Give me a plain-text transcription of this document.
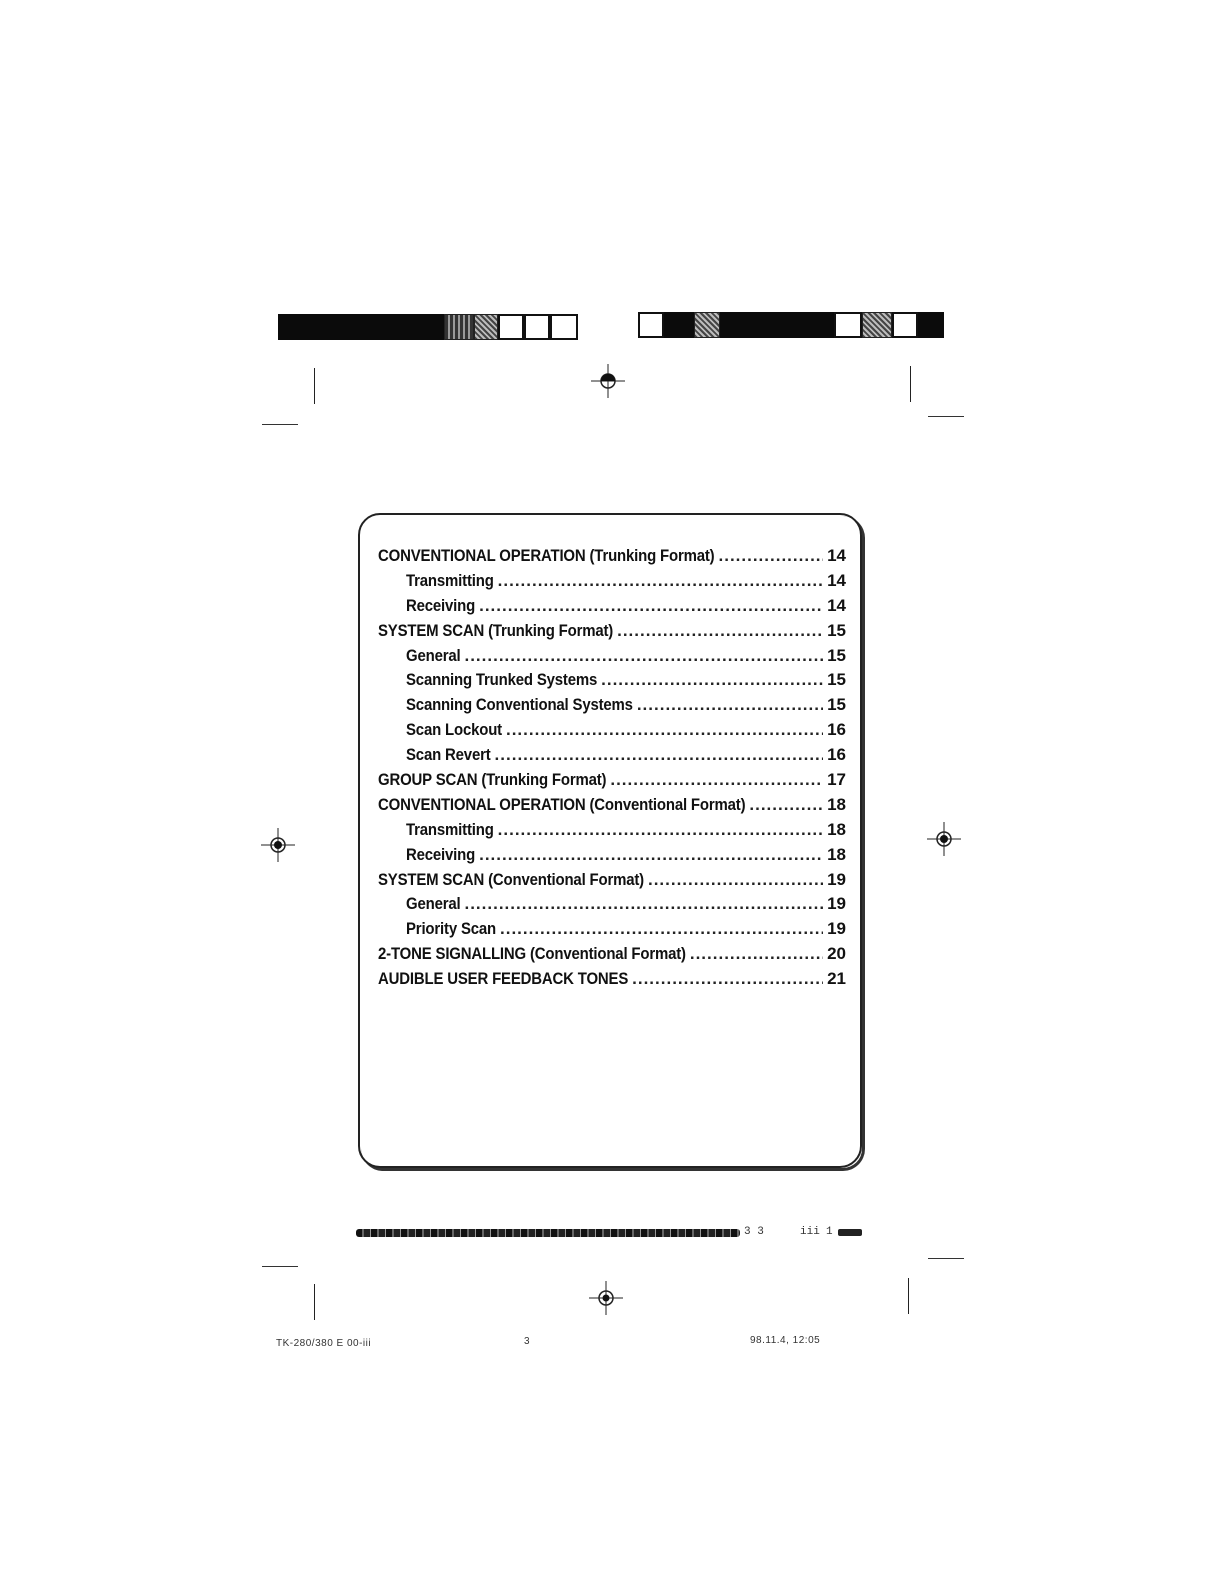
CONVENTIONAL OPERATION (Trunking Format) .....	14
Transmitting .....	14
Receiving .....	14
SYSTEM SCAN (Trunking Format) .....	15
General .....	15
Scanning Trunked Systems .....	15
Scanning Conventional Systems .....	15
Scan Lockout .....	16
Scan Revert .....	16
GROUP SCAN (Trunking Format) .....	17
CONVENTIONAL OPERATION (Conventional Format) .....	18
Transmitting .....	18
Receiving .....	18
SYSTEM SCAN (Conventional Format) .....	19
General .....	19
Priority Scan .....	19
2-TONE SIGNALLING (Conventional Format) .....	20
AUDIBLE USER FEEDBACK TONES .....	21
3 3	iii 1
TK-280/380 E 00-iii	3	98.11.4, 12:05
